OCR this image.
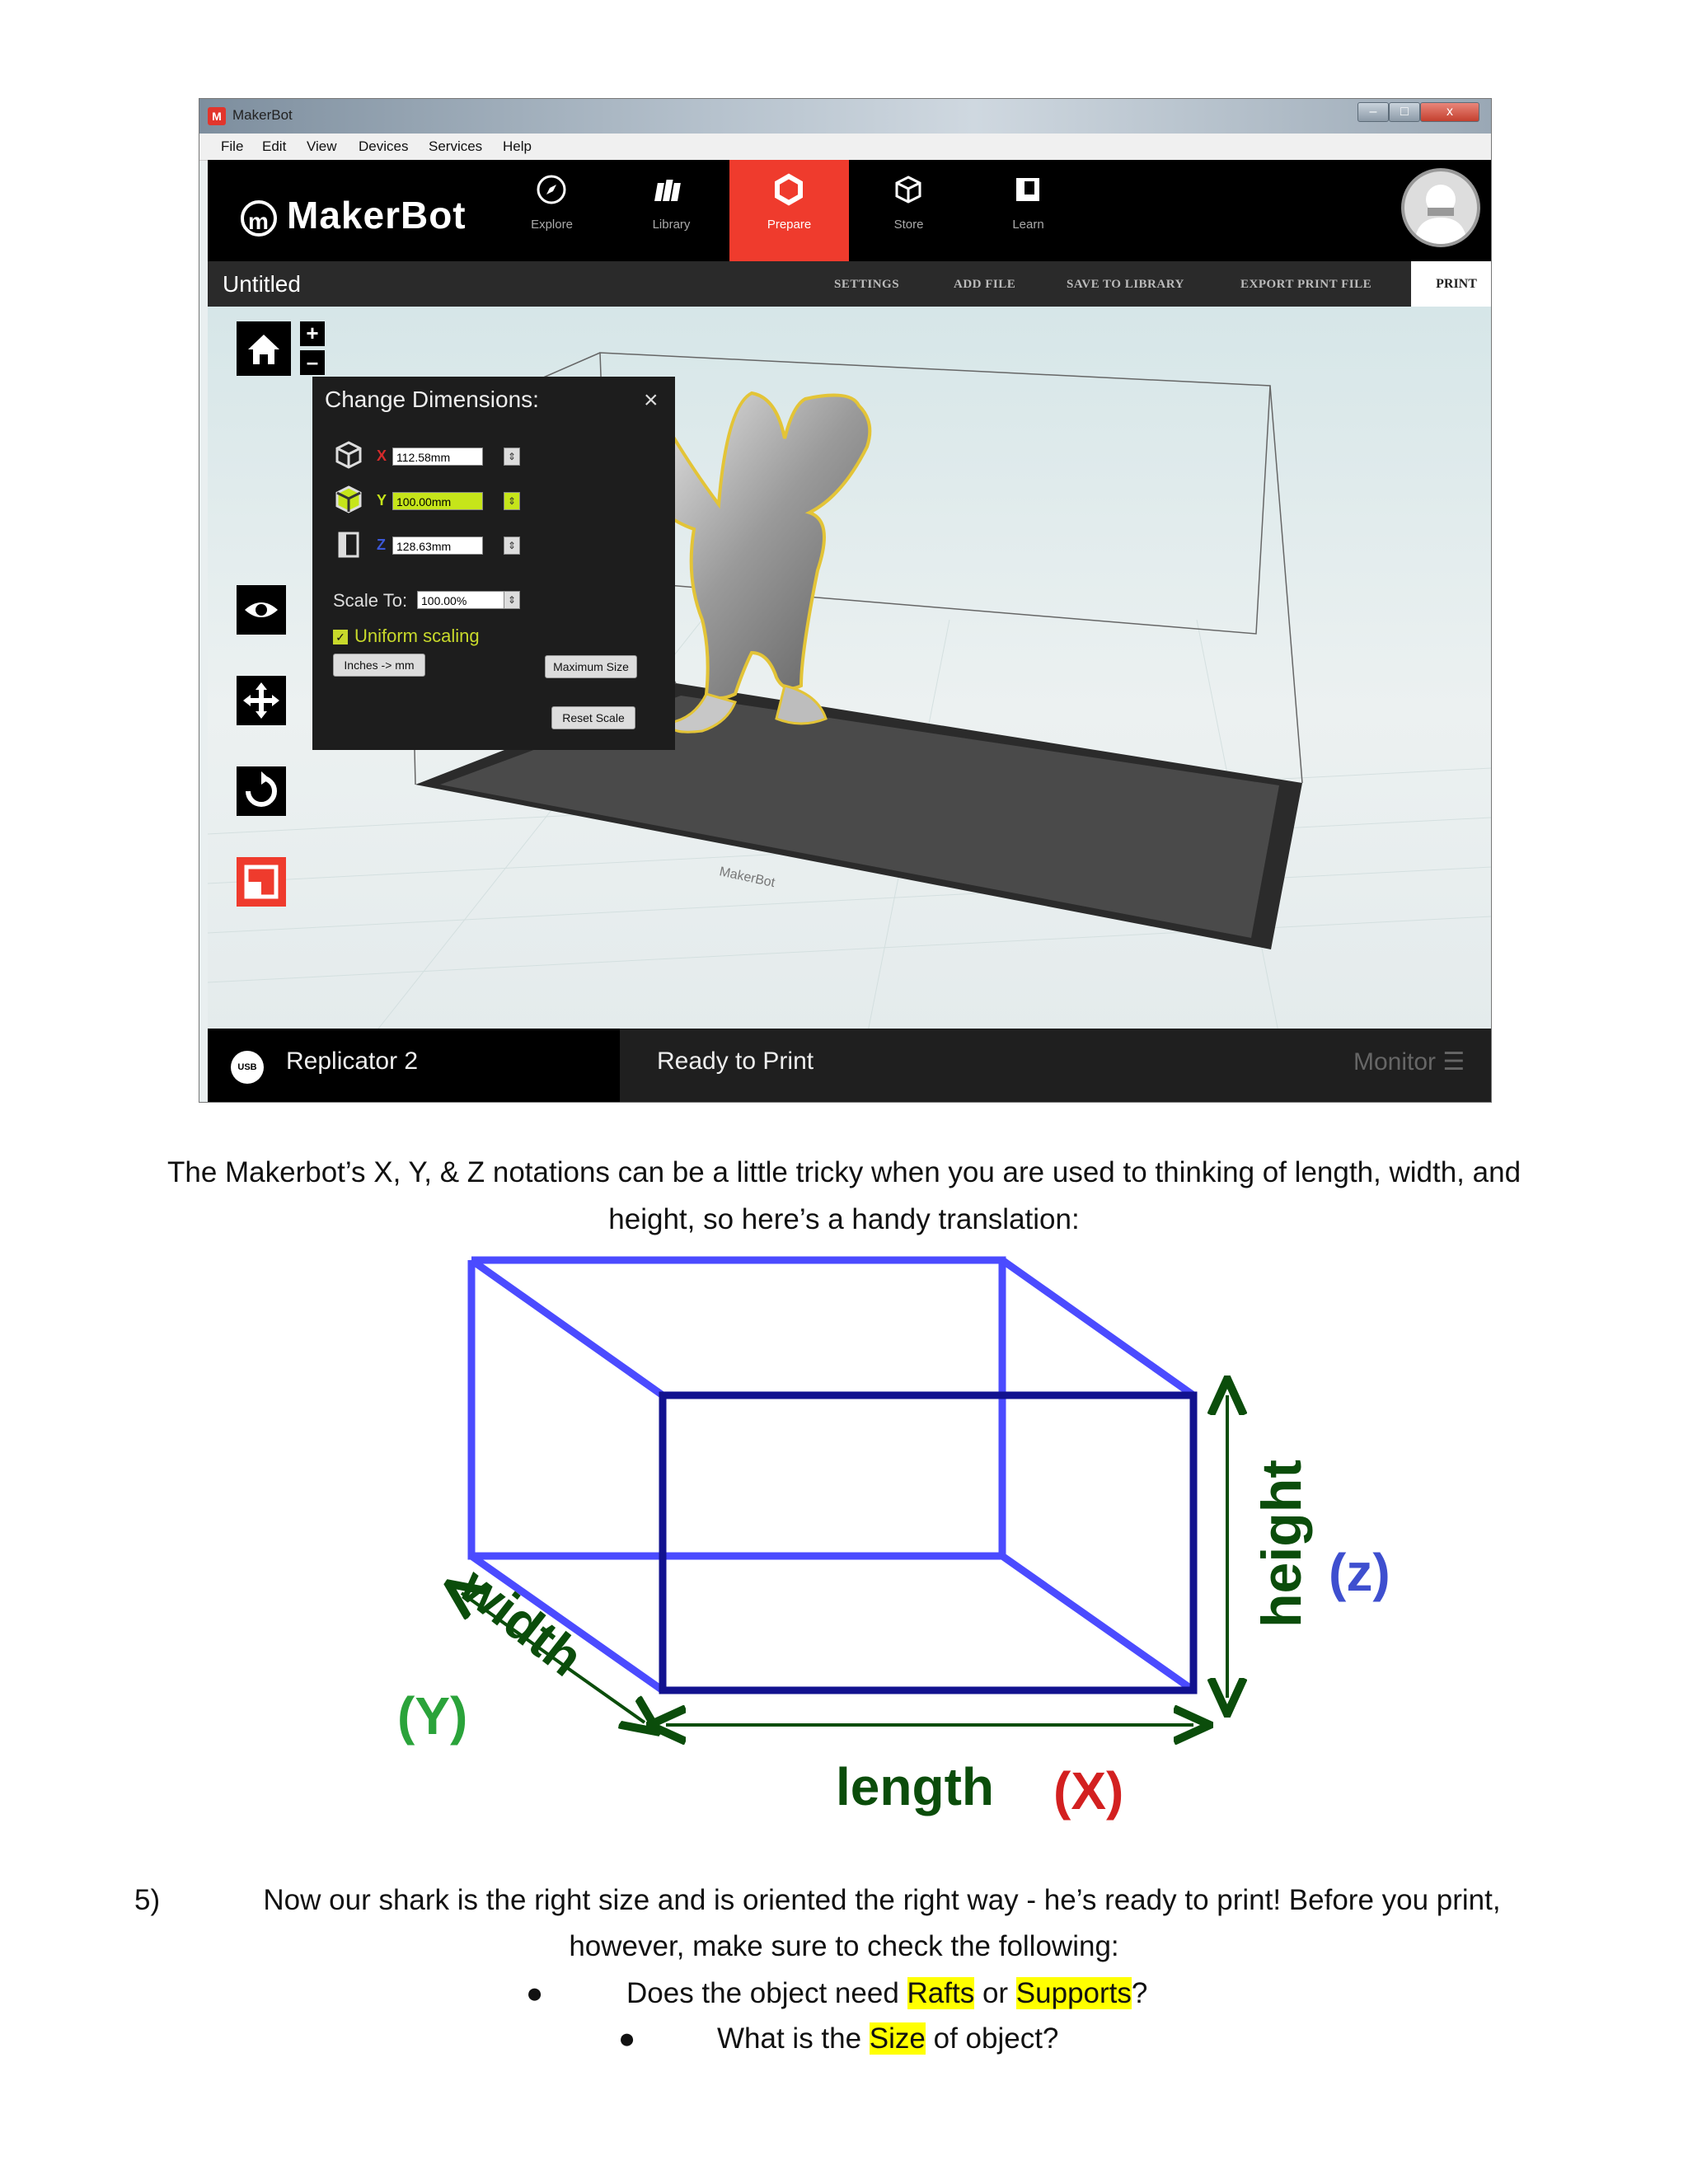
M MakerBot	–	□	x
File Edit View Devices Services Help
m MakerBot	Explore	Library	Prepare	Store	Learn
Untitled	SETTINGS	ADD FILE	SAVE TO LIBRARY	EXPORT PRINT FILE	PRINT
MakerBot
+
–
Change Dimensions:	×
X 112.58mm	⇕
Y 100.00mm	⇕
Z 128.63mm	⇕
Scale To:	100.00%	⇕
✓ Uniform scaling
Inches -> mm	Maximum Size
Reset Scale
USB Replicator 2	Ready to Print	Monitor ☰
The Makerbot’s X, Y, & Z notations can be a little tricky when you are used to thinking of length, width, and
height, so here’s a handy translation:
width
(Y)
length (X)
height (z)
5)	Now our shark is the right size and is oriented the right way - he’s ready to print! Before you print,
however, make sure to check the following:
●	Does the object need Rafts or Supports?
●	What is the Size of object?
